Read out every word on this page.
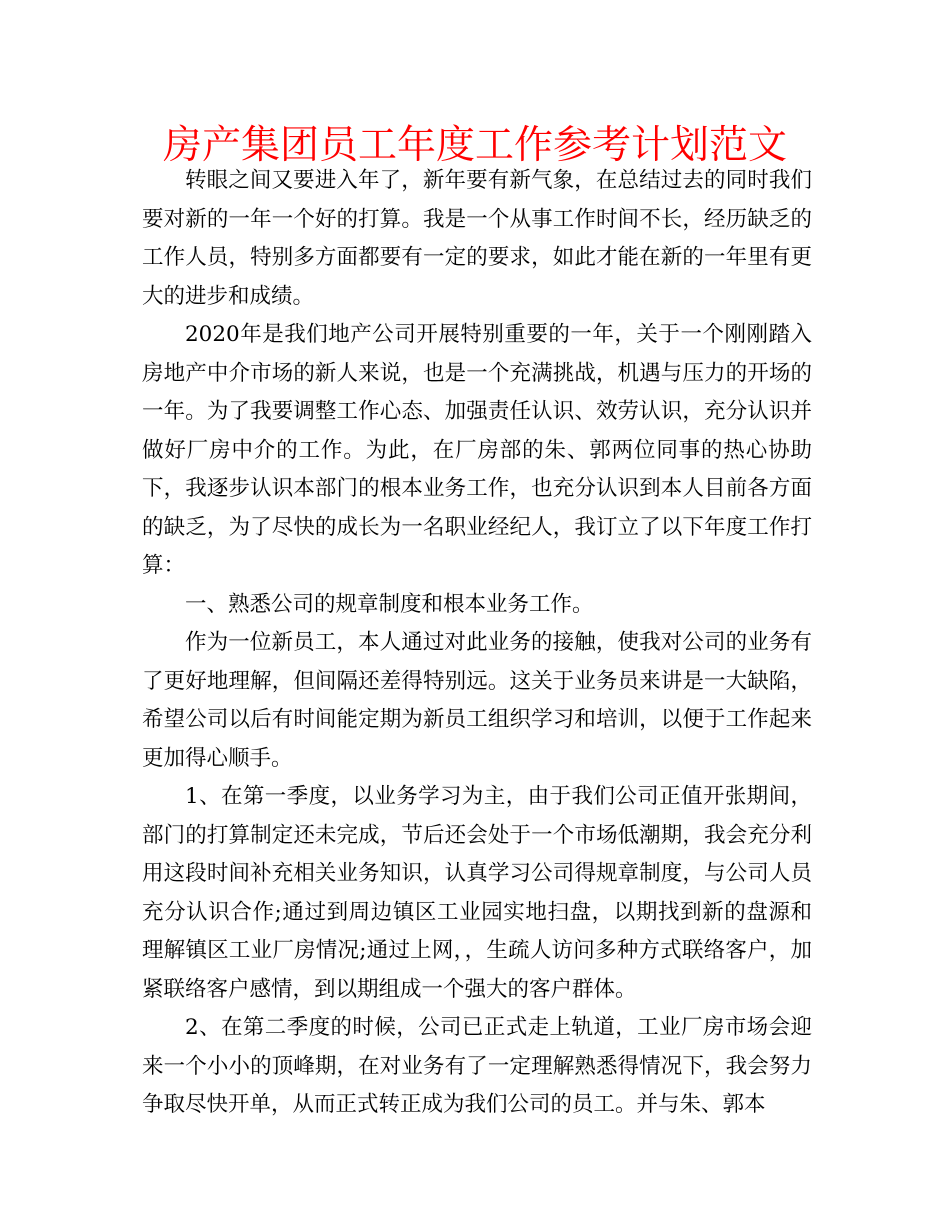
房产集团员工年度工作参考计划范文

转眼之间又要进入年了，新年要有新气象，在总结过去的同时我们要对新的一年一个好的打算。我是一个从事工作时间不长，经历缺乏的工作人员，特别多方面都要有一定的要求，如此才能在新的一年里有更大的进步和成绩。

2020年是我们地产公司开展特别重要的一年，关于一个刚刚踏入房地产中介市场的新人来说，也是一个充满挑战，机遇与压力的开场的一年。为了我要调整工作心态、加强责任认识、效劳认识，充分认识并做好厂房中介的工作。为此，在厂房部的朱、郭两位同事的热心协助下，我逐步认识本部门的根本业务工作，也充分认识到本人目前各方面的缺乏，为了尽快的成长为一名职业经纪人，我订立了以下年度工作打算：

一、熟悉公司的规章制度和根本业务工作。

作为一位新员工，本人通过对此业务的接触，使我对公司的业务有了更好地理解，但间隔还差得特别远。这关于业务员来讲是一大缺陷，希望公司以后有时间能定期为新员工组织学习和培训，以便于工作起来更加得心顺手。

1、在第一季度，以业务学习为主，由于我们公司正值开张期间，部门的打算制定还未完成，节后还会处于一个市场低潮期，我会充分利用这段时间补充相关业务知识，认真学习公司得规章制度，与公司人员充分认识合作;通过到周边镇区工业园实地扫盘，以期找到新的盘源和理解镇区工业厂房情况;通过上网，，生疏人访问多种方式联络客户，加紧联络客户感情，到以期组成一个强大的客户群体。

2、在第二季度的时候，公司已正式走上轨道，工业厂房市场会迎来一个小小的顶峰期，在对业务有了一定理解熟悉得情况下，我会努力争取尽快开单，从而正式转正成为我们公司的员工。并与朱、郭本
